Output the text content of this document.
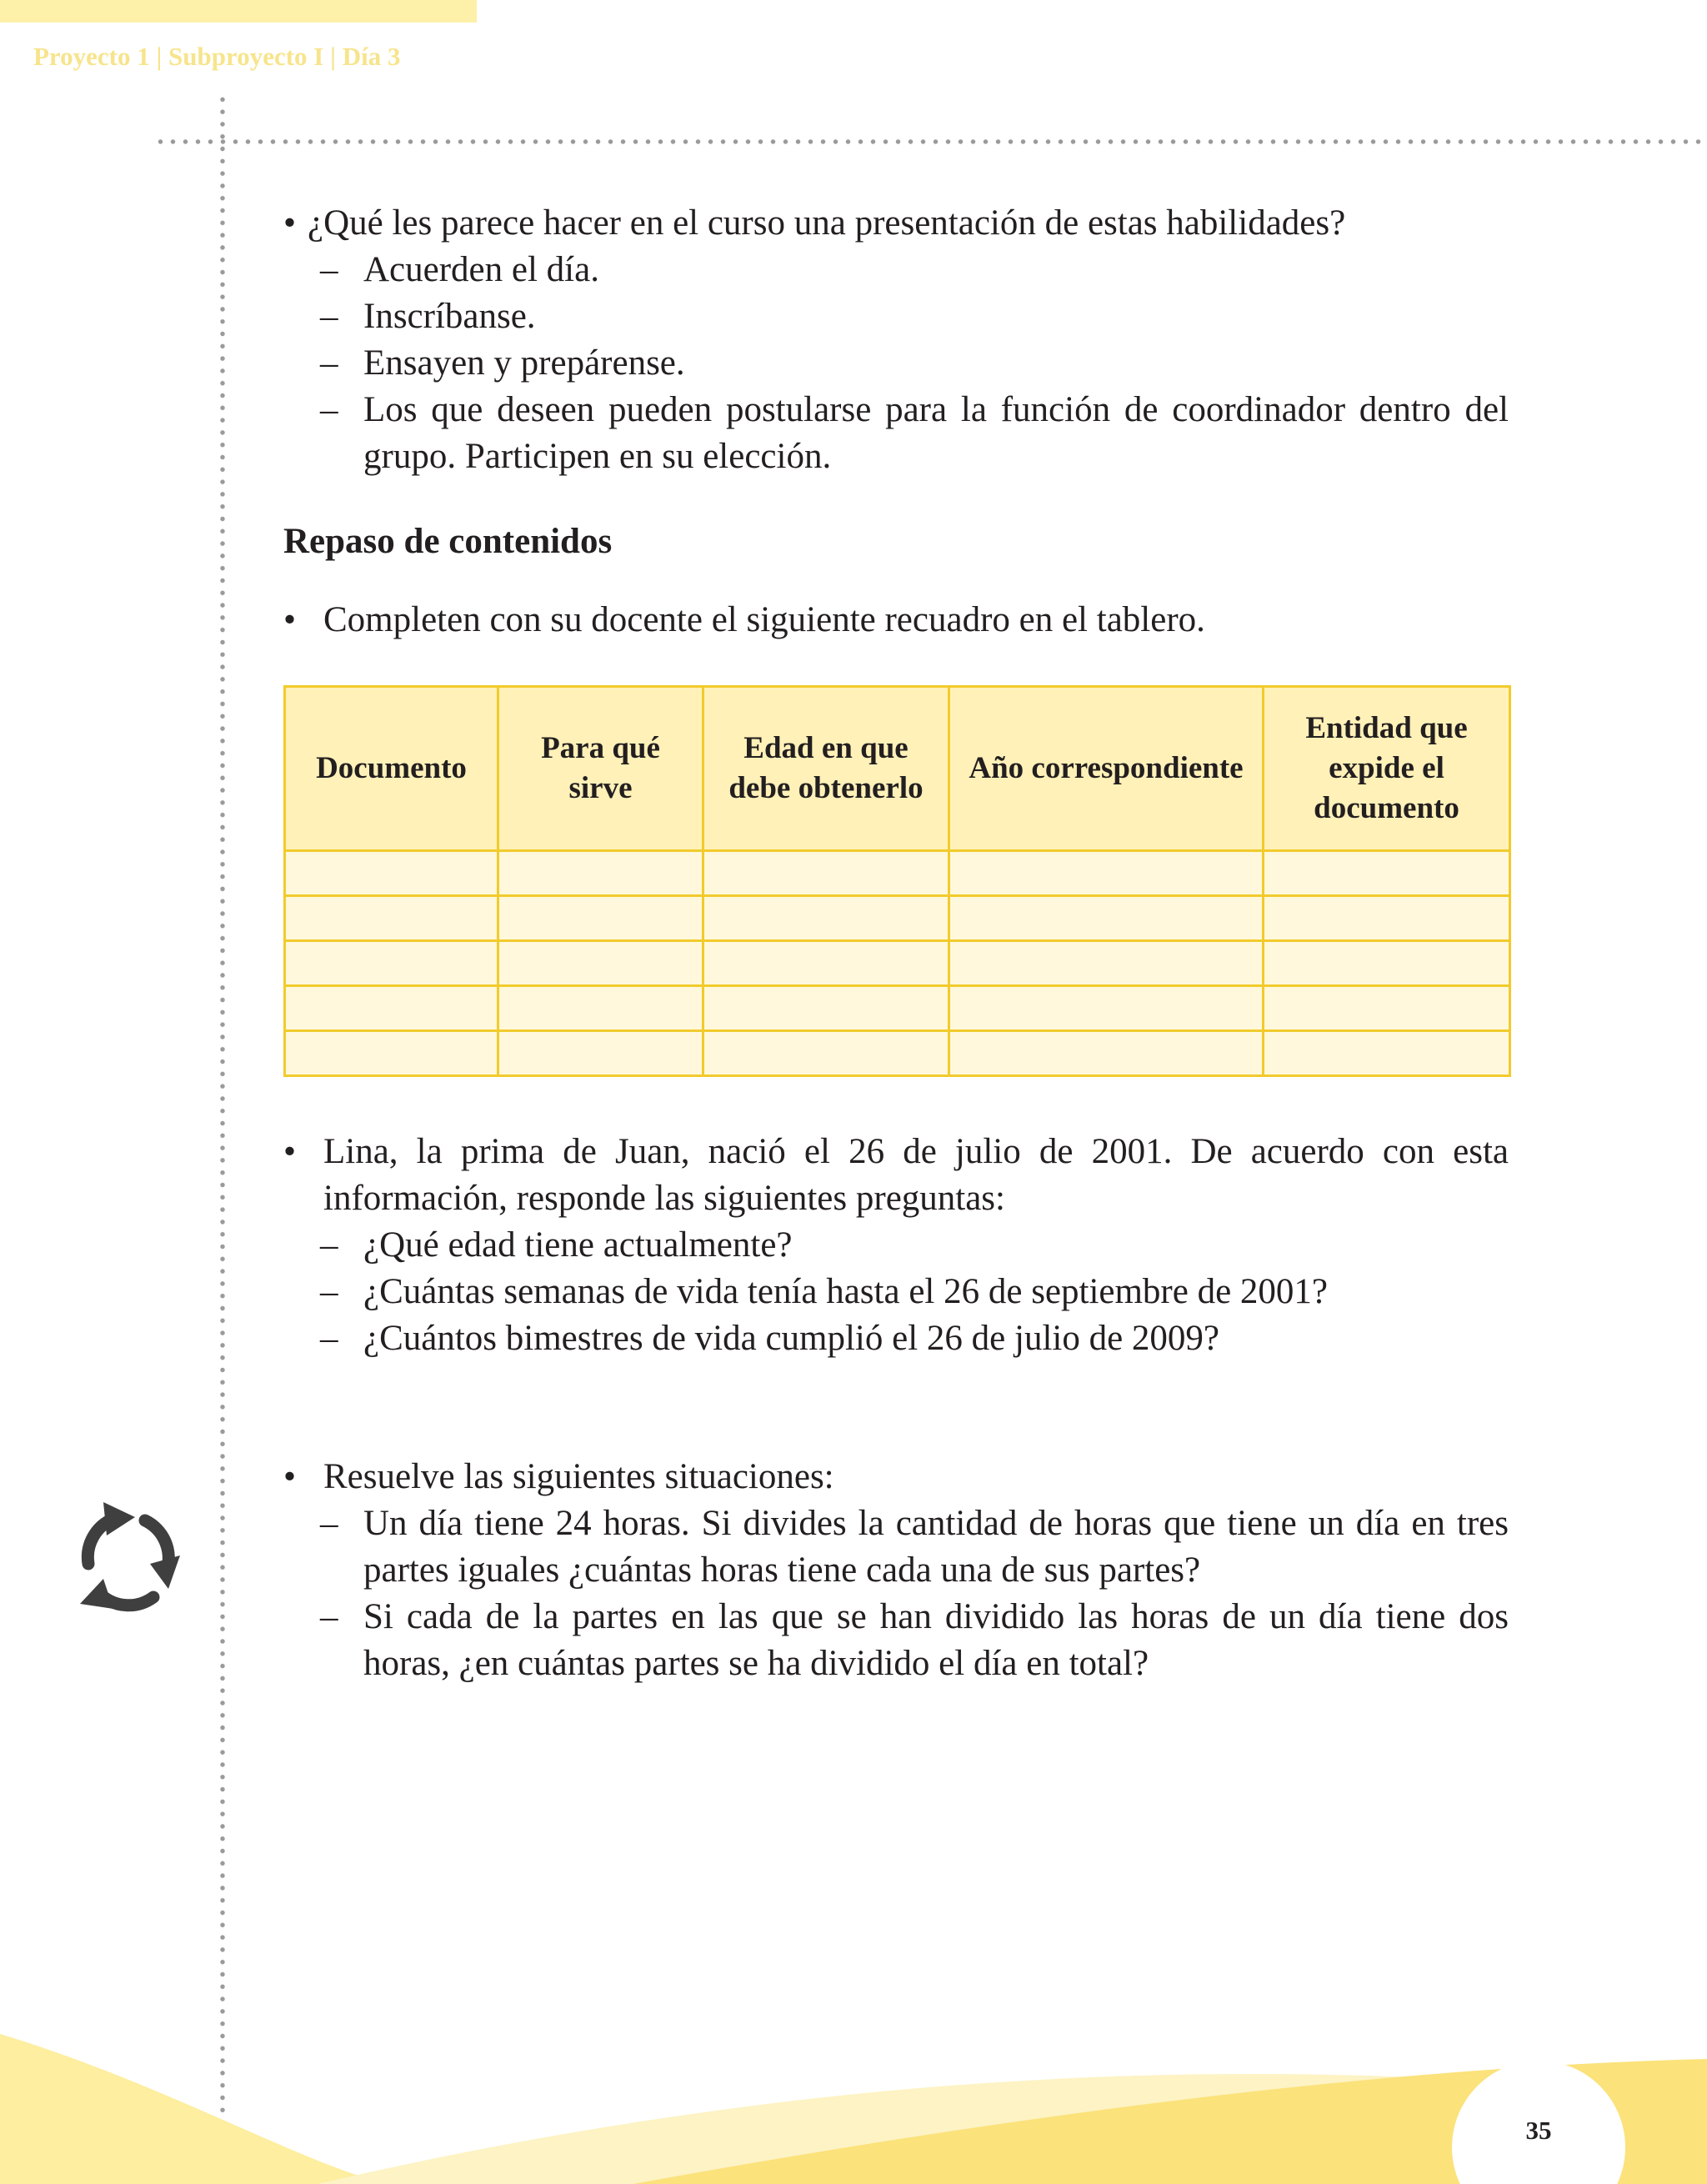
Proyecto 1 | Subproyecto I | Día 3
• ¿Qué les parece hacer en el curso una presentación de estas habilidades?
– Acuerden el día.
– Inscríbanse.
– Ensayen y prepárense.
– Los que deseen pueden postularse para la función de coordinador dentro del grupo. Participen en su elección.
Repaso de contenidos
• Completen con su docente el siguiente recuadro en el tablero.
Documento	Para qué sirve	Edad en que debe obtenerlo	Año correspondiente	Entidad que expide el documento

• Lina, la prima de Juan, nació el 26 de julio de 2001. De acuerdo con esta información, responde las siguientes preguntas:
– ¿Qué edad tiene actualmente?
– ¿Cuántas semanas de vida tenía hasta el 26 de septiembre de 2001?
– ¿Cuántos bimestres de vida cumplió el 26 de julio de 2009?
• Resuelve las siguientes situaciones:
– Un día tiene 24 horas. Si divides la cantidad de horas que tiene un día en tres partes iguales ¿cuántas horas tiene cada una de sus partes?
– Si cada de la partes en las que se han dividido las horas de un día tiene dos horas, ¿en cuántas partes se ha dividido el día en total?
35
